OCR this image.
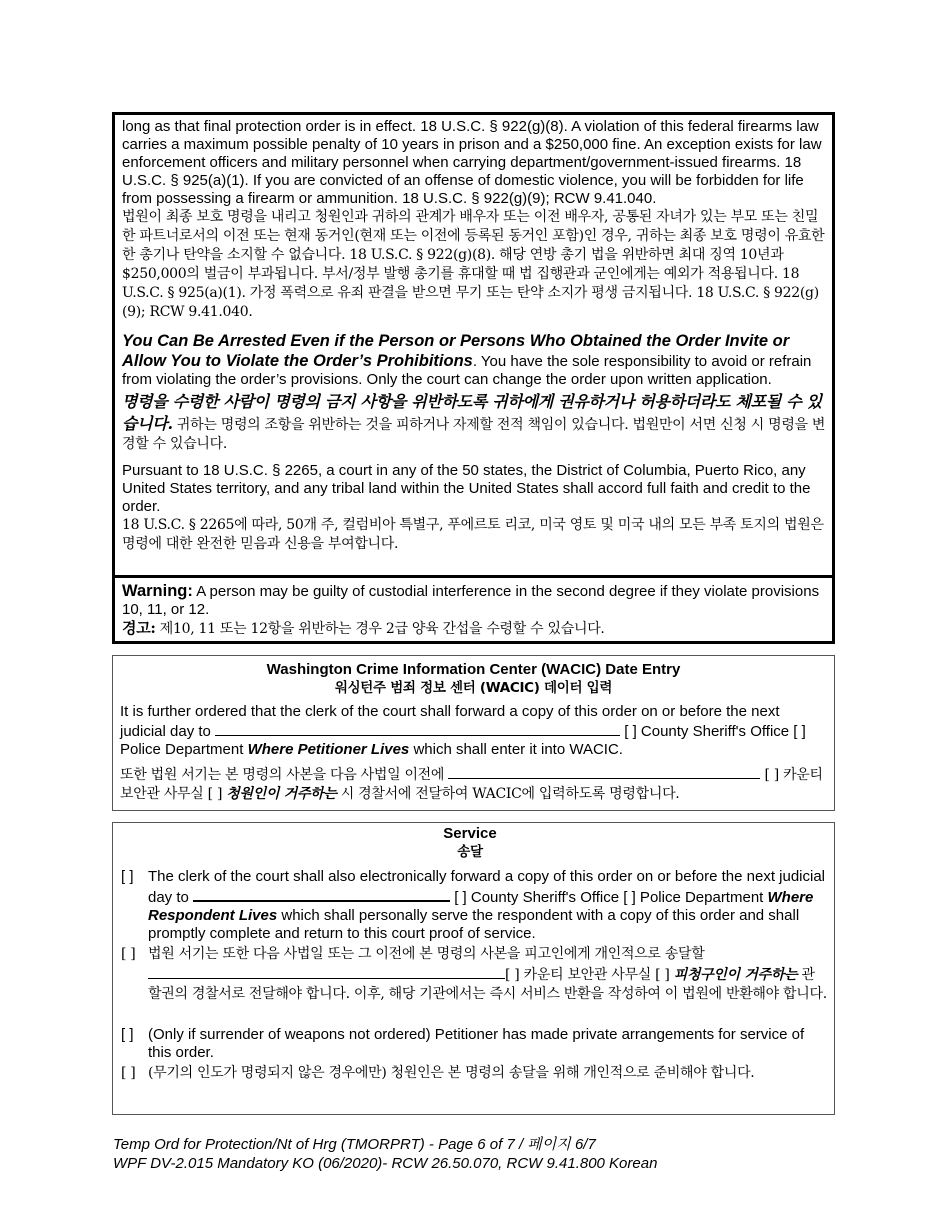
long as that final protection order is in effect. 18 U.S.C. § 922(g)(8). A violation of this federal firearms law carries a maximum possible penalty of 10 years in prison and a $250,000 fine. An exception exists for law enforcement officers and military personnel when carrying department/government-issued firearms. 18 U.S.C. § 925(a)(1). If you are convicted of an offense of domestic violence, you will be forbidden for life from possessing a firearm or ammunition. 18 U.S.C. § 922(g)(9); RCW 9.41.040.

법원이 최종 보호 명령을 내리고 청원인과 귀하의 관계가 배우자 또는 이전 배우자, 공통된 자녀가 있는 부모 또는 친밀한 파트너로서의 이전 또는 현재 동거인(현재 또는 이전에 등록된 동거인 포함)인 경우, 귀하는 최종 보호 명령이 유효한 한 총기나 탄약을 소지할 수 없습니다. 18 U.S.C. § 922(g)(8). 해당 연방 총기 법을 위반하면 최대 징역 10년과 $250,000의 벌금이 부과됩니다. 부서/정부 발행 총기를 휴대할 때 법 집행관과 군인에게는 예외가 적용됩니다. 18 U.S.C. § 925(a)(1). 가정 폭력으로 유죄 판결을 받으면 무기 또는 탄약 소지가 평생 금지됩니다. 18 U.S.C. § 922(g)(9); RCW 9.41.040.

You Can Be Arrested Even if the Person or Persons Who Obtained the Order Invite or Allow You to Violate the Order’s Prohibitions. You have the sole responsibility to avoid or refrain from violating the order’s provisions. Only the court can change the order upon written application.

명령을 수령한 사람이 명령의 금지 사항을 위반하도록 귀하에게 권유하거나 허용하더라도 체포될 수 있습니다. 귀하는 명령의 조항을 위반하는 것을 피하거나 자제할 전적 책임이 있습니다. 법원만이 서면 신청 시 명령을 변경할 수 있습니다.

Pursuant to 18 U.S.C. § 2265, a court in any of the 50 states, the District of Columbia, Puerto Rico, any United States territory, and any tribal land within the United States shall accord full faith and credit to the order.

18 U.S.C. § 2265에 따라, 50개 주, 컬럼비아 특별구, 푸에르토 리코, 미국 영토 및 미국 내의 모든 부족 토지의 법원은 명령에 대한 완전한 믿음과 신용을 부여합니다.

Warning: A person may be guilty of custodial interference in the second degree if they violate provisions 10, 11, or 12.

경고: 제10, 11 또는 12항을 위반하는 경우 2급 양육 간섭을 수령할 수 있습니다.

Washington Crime Information Center (WACIC) Date Entry

워싱턴주 범죄 정보 센터 (WACIC) 데이터 입력

It is further ordered that the clerk of the court shall forward a copy of this order on or before the next judicial day to	[ ] County Sheriff's Office [ ] Police Department Where Petitioner Lives which shall enter it into WACIC.

또한 법원 서기는 본 명령의 사본을 다음 사법일 이전에	[ ] 카운티 보안관 사무실 [ ] 청원인이 거주하는 시 경찰서에 전달하여 WACIC에 입력하도록 명령합니다.

Service

송달

[ ] The clerk of the court shall also electronically forward a copy of this order on or before the next judicial day to	[ ] County Sheriff's Office [ ] Police Department Where Respondent Lives which shall personally serve the respondent with a copy of this order and shall promptly complete and return to this court proof of service.
[ ] 법원 서기는 또한 다음 사법일 또는 그 이전에 본 명령의 사본을 피고인에게 개인적으로 송달할 [ ] 카운티 보안관 사무실 [ ] 피청구인이 거주하는 관할권의 경찰서로 전달해야 합니다. 이후, 해당 기관에서는 즉시 서비스 반환을 작성하여 이 법원에 반환해야 합니다.
[ ] (Only if surrender of weapons not ordered) Petitioner has made private arrangements for service of this order.
[ ] (무기의 인도가 명령되지 않은 경우에만) 청원인은 본 명령의 송달을 위해 개인적으로 준비해야 합니다.
Temp Ord for Protection/Nt of Hrg (TMORPRT) - Page 6 of 7 / 페이지 6/7
WPF DV-2.015 Mandatory KO (06/2020)- RCW 26.50.070, RCW 9.41.800 Korean
